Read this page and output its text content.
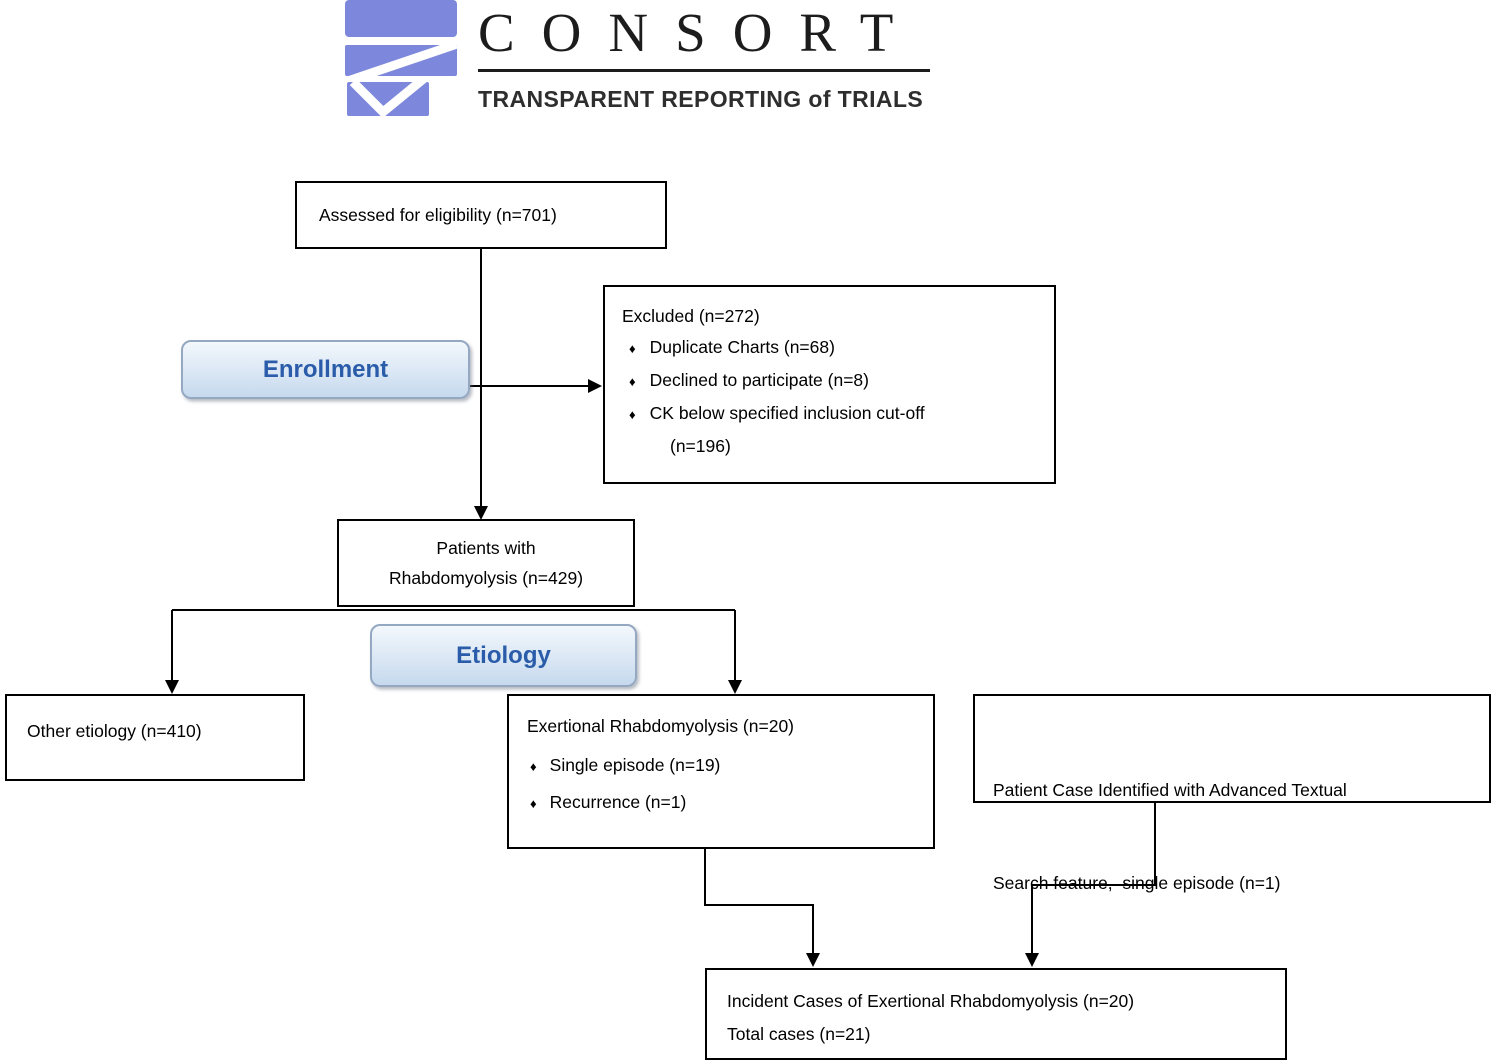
CONSORT
TRANSPARENT REPORTING of TRIALS
Assessed for eligibility (n=701)
Enrollment
Excluded (n=272)
♦ Duplicate Charts (n=68)
♦ Declined to participate (n=8)
♦ CK below specified inclusion cut-off
(n=196)
Patients with
Rhabdomyolysis (n=429)
Etiology
Other etiology (n=410)	Exertional Rhabdomyolysis (n=20)
♦ Single episode (n=19)
♦ Recurrence (n=1)

Patient Case Identified with Advanced Textual

Search feature,  single episode (n=1)

Incident Cases of Exertional Rhabdomyolysis (n=20)
Total cases (n=21)
